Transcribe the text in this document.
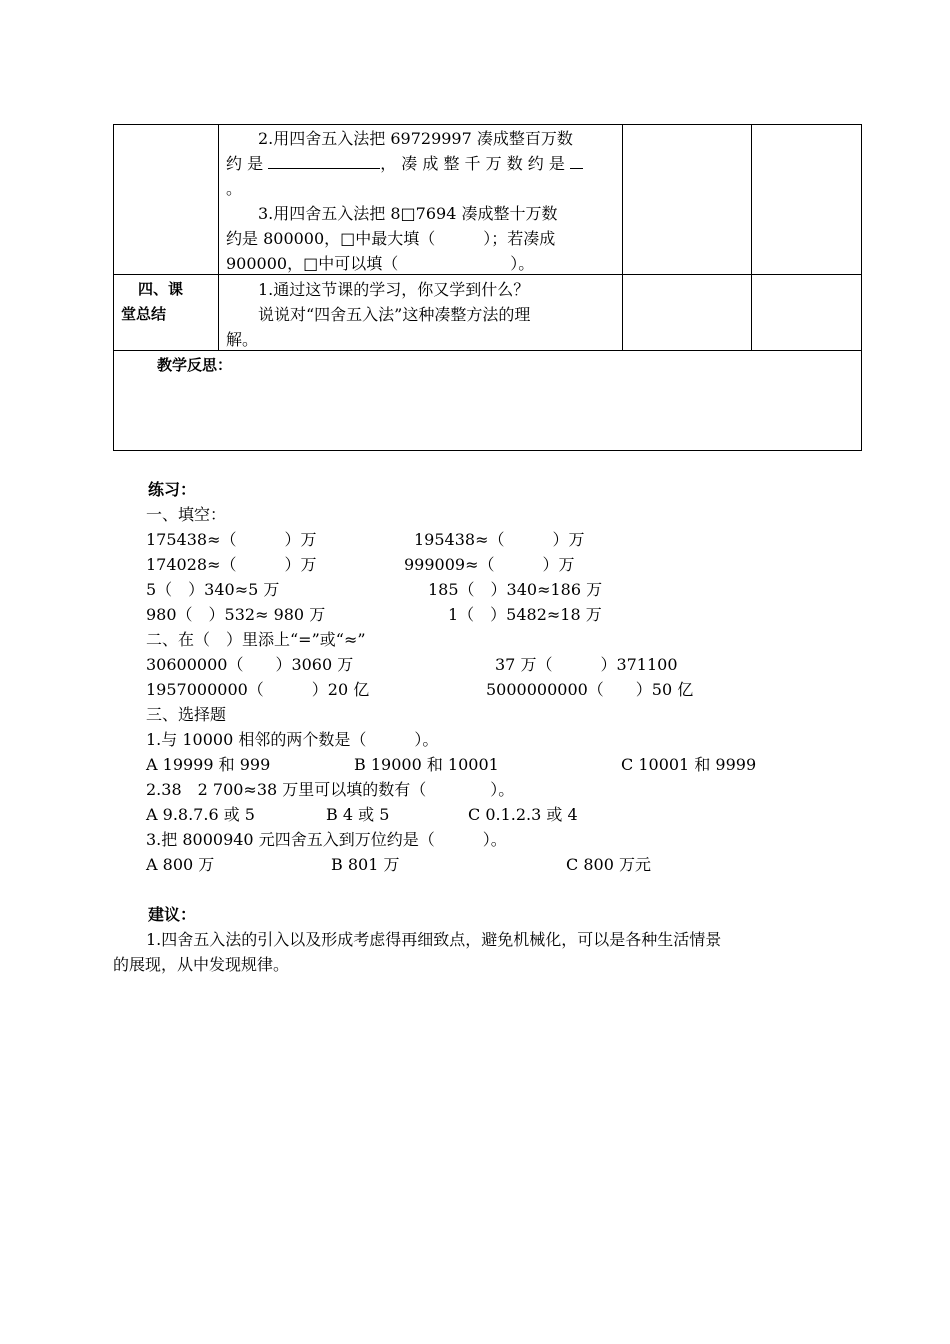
2.用四舍五入法把 69729997 凑成整百万数
约 是	， 凑 成 整 千 万 数 约 是
。
3.用四舍五入法把 8□7694 凑成整十万数
约是 800000，□中最大填（　　　）；若凑成
900000，□中可以填（　　　　　　　）。
四、课
堂总结
1.通过这节课的学习，你又学到什么？
说说对“四舍五入法”这种凑整方法的理
解。
教学反思：
练习：
一、填空：
175438≈（　　　）万	195438≈（　　　）万
174028≈（　　　）万	999009≈（　　　）万
5（　）340≈5 万	185（　）340≈186 万
980（　）532≈ 980 万	1（　）5482≈18 万
二、在（　）里添上“=”或“≈”
30600000（　　）3060 万	37 万（　　　）371100
1957000000（　　　）20 亿	5000000000（　　）50 亿
三、选择题
1.与 10000 相邻的两个数是（　　　）。
A 19999 和 999	B 19000 和 10001	C 10001 和 9999
2.38　2 700≈38 万里可以填的数有（　　　　）。
A 9.8.7.6 或 5	B 4 或 5	C 0.1.2.3 或 4
3.把 8000940 元四舍五入到万位约是（　　　）。
A 800 万	B 801 万	C 800 万元
建议：
1.四舍五入法的引入以及形成考虑得再细致点，避免机械化，可以是各种生活情景
的展现，从中发现规律。
